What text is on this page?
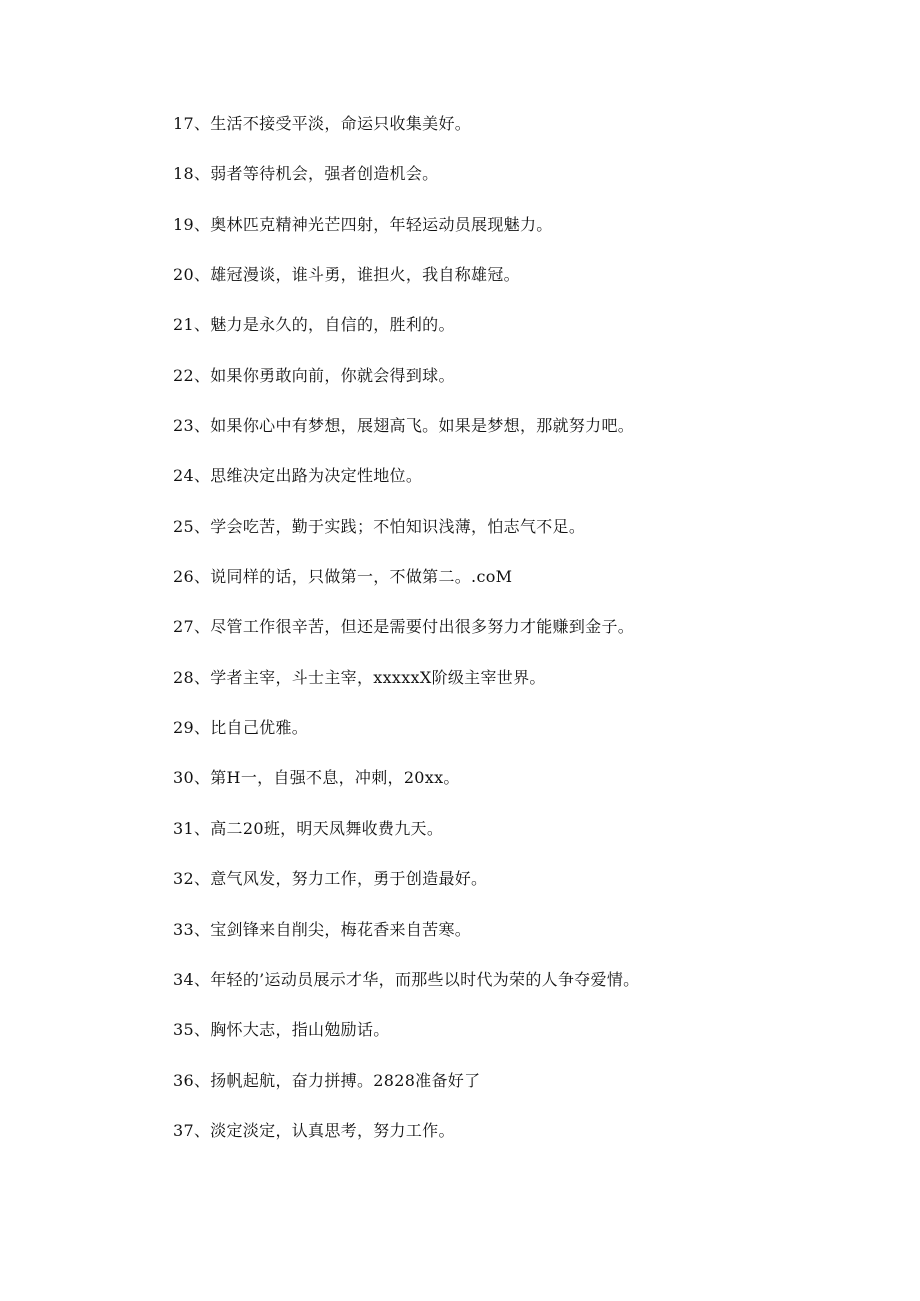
17、生活不接受平淡，命运只收集美好。
18、弱者等待机会，强者创造机会。
19、奥林匹克精神光芒四射，年轻运动员展现魅力。
20、雄冠漫谈，谁斗勇，谁担火，我自称雄冠。
21、魅力是永久的，自信的，胜利的。
22、如果你勇敢向前，你就会得到球。
23、如果你心中有梦想，展翅高飞。如果是梦想，那就努力吧。
24、思维决定出路为决定性地位。
25、学会吃苦，勤于实践；不怕知识浅薄，怕志气不足。
26、说同样的话，只做第一，不做第二。.coM
27、尽管工作很辛苦，但还是需要付出很多努力才能赚到金子。
28、学者主宰，斗士主宰，xxxxxX阶级主宰世界。
29、比自己优雅。
30、第H一，自强不息，冲刺，20xx。
31、高二20班，明天凤舞收费九天。
32、意气风发，努力工作，勇于创造最好。
33、宝剑锋来自削尖，梅花香来自苦寒。
34、年轻的’运动员展示才华，而那些以时代为荣的人争夺爱情。
35、胸怀大志，指山勉励话。
36、扬帆起航，奋力拼搏。2828准备好了
37、淡定淡定，认真思考，努力工作。
